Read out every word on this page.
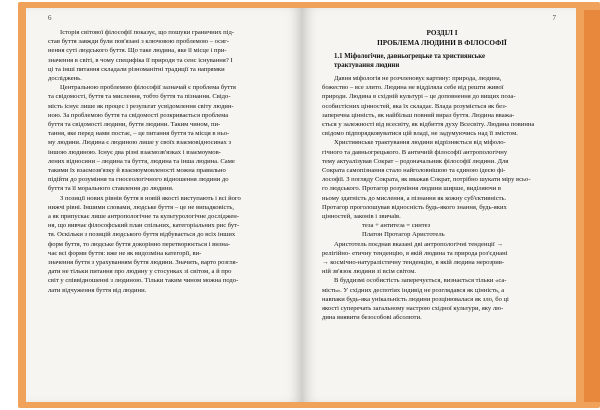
6
Історія світової філософії показує, що пошуки граничних під-
став буття завжди були пов'язані з ключовою проблемою – осяг-
нення суті людського буття. Що таке людина, яке її місце і при-
значення в світі, в чому специфіка її природи та сенс існування? І
ці та інші питання складали різноманітні традиції та напрямки
досліджень.
Центральною проблемою філософії зазначай є проблема буття
та свідомості, буття та мислення, тобто буття та пізнання. Свідо-
мість існує лише як процес і результат усвідомлення світу людин-
ною. За проблемою буття та свідомості розкривається проблема
буття та свідомості людини, буття людини. Таким чином, пи-
тання, яке перед нами постає, – це питання буття та місця в ньо-
му людини. Людина є людиною лише у своїх взаємовідносинах з
іншою людиною. Існує два різні взаємозв'язках і взаємоумов-
лених відносини – людина та буття, людина та інша людина. Саме
такими їх взаємозв'язку й взаємоумовленості можна правильно
підійти до розуміння та гносеологічного відношення людини до
буття та її морального ставлення до людини.
З позиції нових рівнів буття в новій якості виступають і всі його
нижчі рівні. Іншими словами, людське буття – це не випадковість,
а як припускає лише антропологічне та культурологічне досліджен-
ня, що вивчає філософський план спільних, категоріальних рис бут-
тя. Оскільки з позицій людського буття відбувається до всіх інших
форм буття, то людське буття докорінно перетворюється і визна-
чає всі форми буття: вже не як видозміна категорії, ви-
значення буття з урахуванням буття людини. Значить, варто розгля-
дати не тільки питання про людину у стосунках зі світом, а й про
світ у співвідношенні з людиною. Тільки таким чином можна подо-
лати відчуження буття від людини.
7
РОЗДІЛ І
ПРОБЛЕМА ЛЮДИНИ В ФІЛОСОФІЇ
1.1 Міфологічне, давньогрецьке та християнське
трактування людини
Давня міфологія не розчленовує картину: природа, людина,
божество – все злито. Людина не відділяла себе від решти живої
природи. Людина в східній культурі – це доповнення до вищих поза-
особистісних цінностей, яка їх складає. Влада розуміється як без-
заперечна цінність, як найбільш повний вираз буття. Людина вважа-
ється у залежності від всесвіту, як відбиття духу Всесвіту. Людина повинна
свідомо підпорядковуватися цій владі, не задумуючись над її змістом.
Християнське трактування людини відрізняється від міфоло-
гічного та давньогрецького. В античній філософії антропологічну
тему актуалізував Сократ – родоначальник філософії людини. Для
Сократа самопізнання стало найголовнішою та єдиною ідеєю фі-
лософії. З погляду Сократа, як вважав Сократ, потрібно шукати міру всьо-
го людського. Протагор розуміння людини ширше, виділяючи в
ньому здатність до мислення, а пізнання як кожну суб'єктивність.
Протагор проголошував відносність будь-якого знання, будь-яких
цінностей, законів і звичаїв.
теза + антитеза = синтез
Платон Протагор Аристотель
Аристотель поєднав вказані дві антропологічні тенденції →
релігійно- етичну тенденцію, в якій людина та природа роз'єднані
→ космічно-натуралістичну тенденцію, в якій людина нерозрив-
ній зв'язок людини зі всім світом.
В буддизмі особистість заперечується, визнається тільки «са-
мість». У східних деспотіях індивід не розглядався як цінність, а
навпаки будь-яка унікальність людини розцінювалася як зло, бо ці
якості суперечать загальному настрою східної культури, яку лю-
дина виявити безособові абсолюти.
